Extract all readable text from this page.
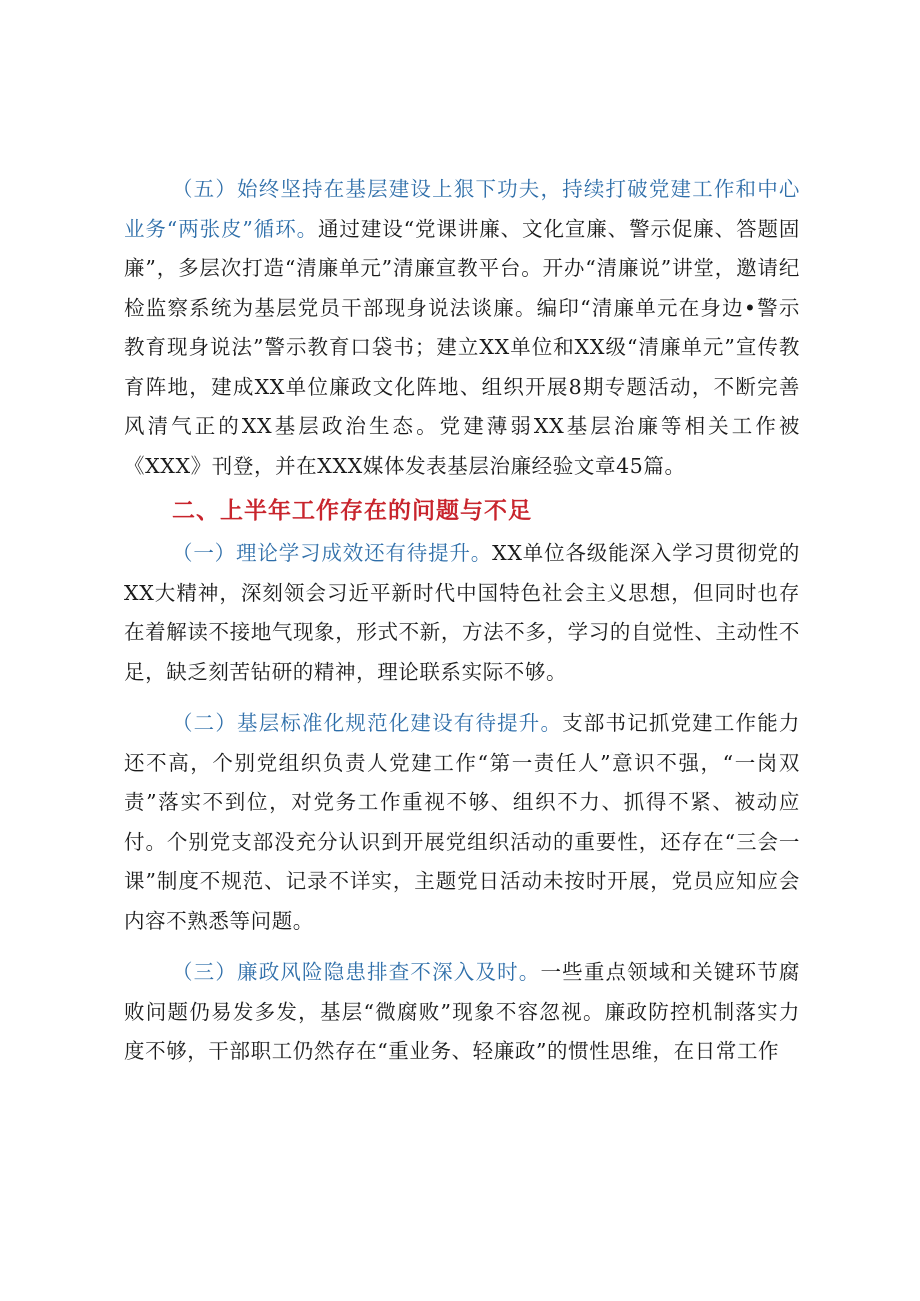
（五）始终坚持在基层建设上狠下功夫，持续打破党建工作和中心业务“两张皮”循环。通过建设“党课讲廉、文化宣廉、警示促廉、答题固廉”，多层次打造“清廉单元”清廉宣教平台。开办“清廉说”讲堂，邀请纪检监察系统为基层党员干部现身说法谈廉。编印“清廉单元在身边•警示教育现身说法”警示教育口袋书；建立XX单位和XX级“清廉单元”宣传教育阵地，建成XX单位廉政文化阵地、组织开展8期专题活动，不断完善风清气正的XX基层政治生态。党建薄弱XX基层治廉等相关工作被《XXX》刊登，并在XXX媒体发表基层治廉经验文章45篇。

二、上半年工作存在的问题与不足

（一）理论学习成效还有待提升。XX单位各级能深入学习贯彻党的XX大精神，深刻领会习近平新时代中国特色社会主义思想，但同时也存在着解读不接地气现象，形式不新，方法不多，学习的自觉性、主动性不足，缺乏刻苦钻研的精神，理论联系实际不够。

（二）基层标准化规范化建设有待提升。支部书记抓党建工作能力还不高，个别党组织负责人党建工作“第一责任人”意识不强，“一岗双责”落实不到位，对党务工作重视不够、组织不力、抓得不紧、被动应付。个别党支部没充分认识到开展党组织活动的重要性，还存在“三会一课”制度不规范、记录不详实，主题党日活动未按时开展，党员应知应会内容不熟悉等问题。

（三）廉政风险隐患排查不深入及时。一些重点领域和关键环节腐败问题仍易发多发，基层“微腐败”现象不容忽视。廉政防控机制落实力度不够，干部职工仍然存在“重业务、轻廉政”的惯性思维，在日常工作
